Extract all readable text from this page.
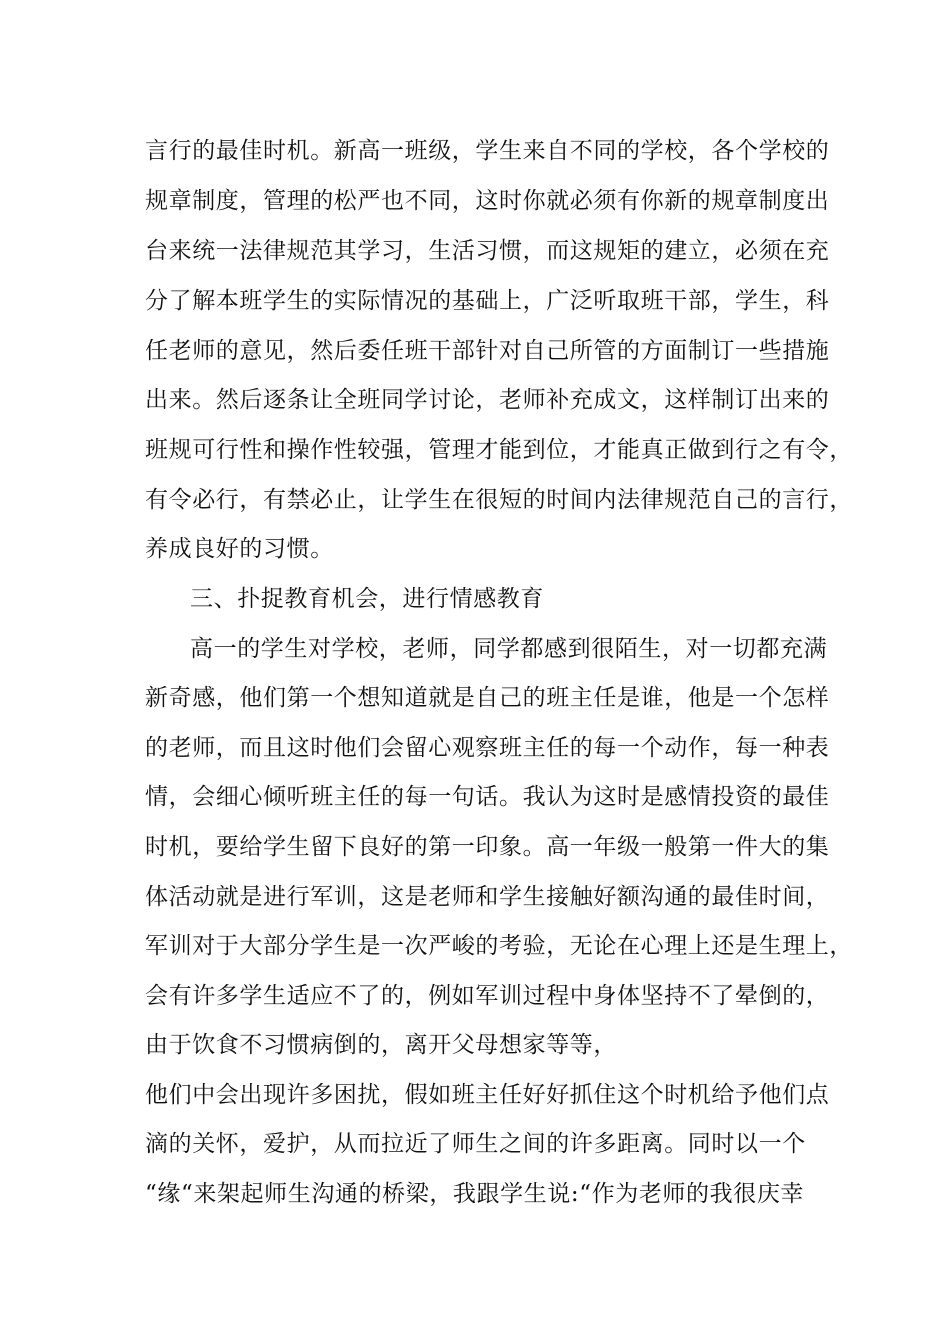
言行的最佳时机。新高一班级，学生来自不同的学校，各个学校的
规章制度，管理的松严也不同，这时你就必须有你新的规章制度出
台来统一法律规范其学习，生活习惯，而这规矩的建立，必须在充
分了解本班学生的实际情况的基础上，广泛听取班干部，学生，科
任老师的意见，然后委任班干部针对自己所管的方面制订一些措施
出来。然后逐条让全班同学讨论，老师补充成文，这样制订出来的
班规可行性和操作性较强，管理才能到位，才能真正做到行之有令，
有令必行，有禁必止，让学生在很短的时间内法律规范自己的言行，
养成良好的习惯。
三、扑捉教育机会，进行情感教育
高一的学生对学校，老师，同学都感到很陌生，对一切都充满
新奇感，他们第一个想知道就是自己的班主任是谁，他是一个怎样
的老师，而且这时他们会留心观察班主任的每一个动作，每一种表
情，会细心倾听班主任的每一句话。我认为这时是感情投资的最佳
时机，要给学生留下良好的第一印象。高一年级一般第一件大的集
体活动就是进行军训，这是老师和学生接触好额沟通的最佳时间，
军训对于大部分学生是一次严峻的考验，无论在心理上还是生理上，
会有许多学生适应不了的，例如军训过程中身体坚持不了晕倒的，
由于饮食不习惯病倒的，离开父母想家等等，
他们中会出现许多困扰，假如班主任好好抓住这个时机给予他们点
滴的关怀，爱护，从而拉近了师生之间的许多距离。同时以一个
“缘“来架起师生沟通的桥梁，我跟学生说:“作为老师的我很庆幸
